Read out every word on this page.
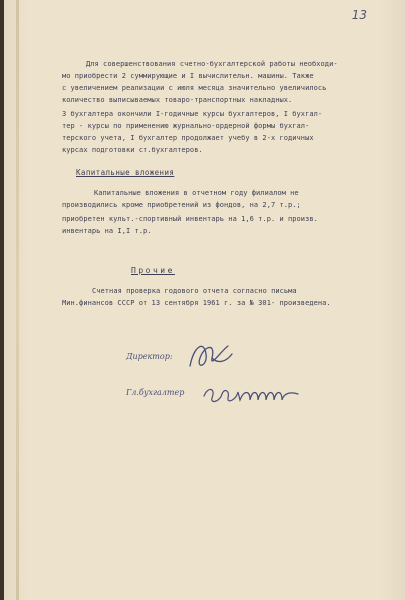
13
Для совершенствования счетно-бухгалтерской работы необходи-
мо приобрести 2 суммирующие и I вычислительн. машины. Также
с увеличением реализации с июля месяца значительно увеличилось
количество выписываемых товаро-транспортных накладных.
3 бухгалтера окончили I-годичные курсы бухгалтеров, I бухгал-
тер - курсы по применению журнально-ордерной формы бухгал-
терского учета, I бухгалтер продолжает учебу в 2-х годичных
курсах подготовки ст.бухгалтеров.
Капитальные вложения
Капитальные вложения в отчетном году филиалом не
производились кроме приобретений из фондов, на 2,7 т.р.;
приобретен культ.-спортивный инвентарь на 1,6 т.р. и произв.
инвентарь на I,I т.р.
Прочие
Счетная проверка годового отчета согласно письма
Мин.финансов СССР от 13 сентября 1961 г. за № 301- произведена.
Директор:
Гл.бухгалтер
